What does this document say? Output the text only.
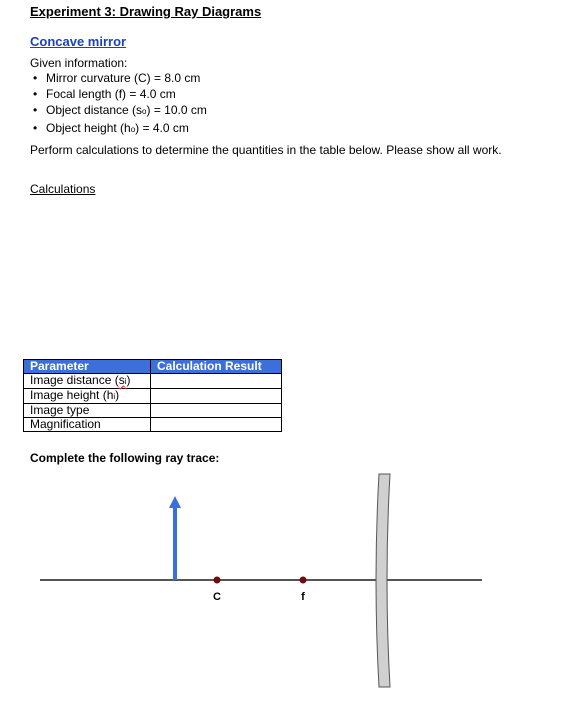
Experiment 3: Drawing Ray Diagrams
Concave mirror
Given information:
• Mirror curvature (C) = 8.0 cm
• Focal length (f) = 4.0 cm
• Object distance (so) = 10.0 cm
• Object height (ho) = 4.0 cm
Perform calculations to determine the quantities in the table below. Please show all work.
Calculations
Parameter	Calculation Result
Image distance (si)	
Image height (hi)	
Image type	
Magnification	
Complete the following ray trace:
C	f
